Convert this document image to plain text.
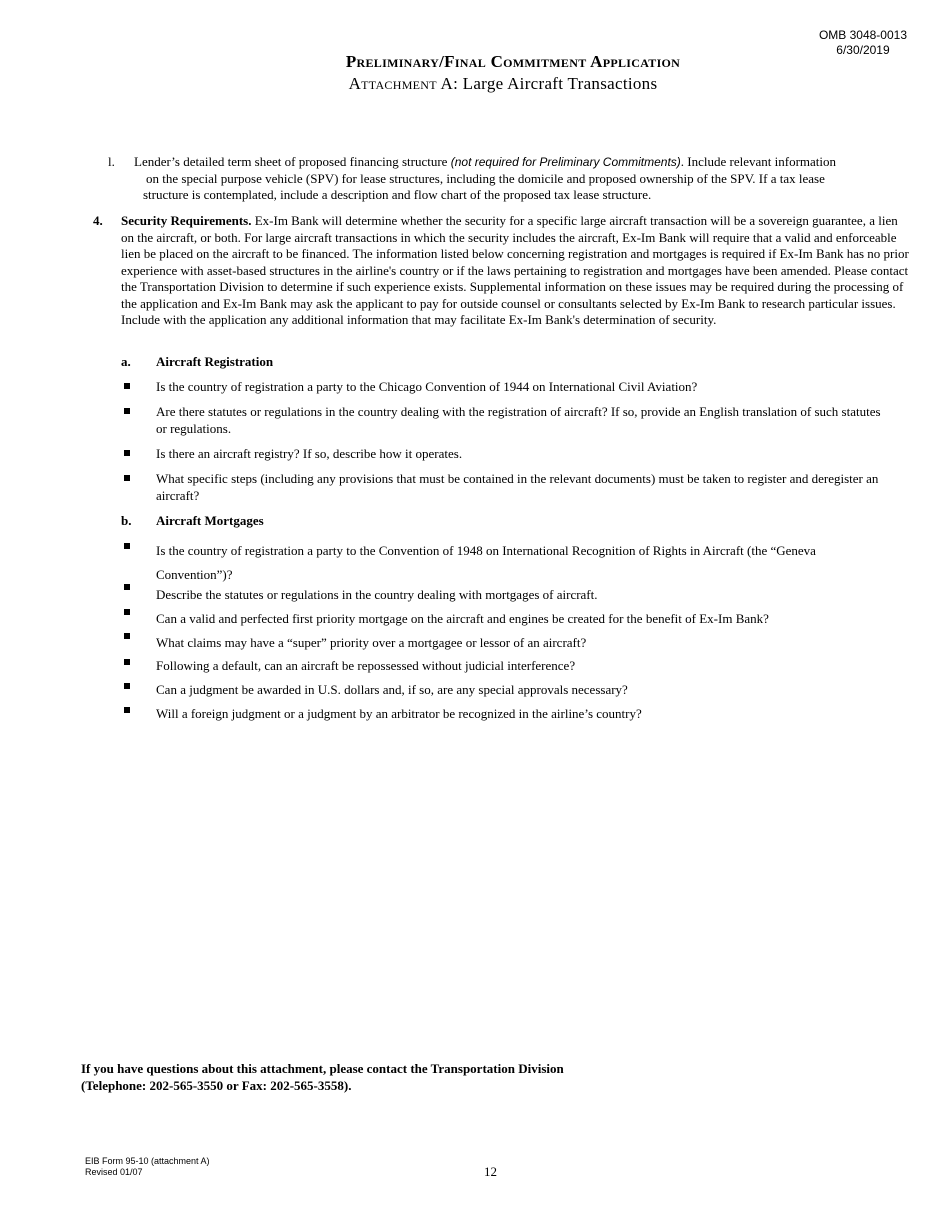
OMB 3048-0013
6/30/2019
Preliminary/Final Commitment Application
Attachment A: Large Aircraft Transactions
l. Lender’s detailed term sheet of proposed financing structure (not required for Preliminary Commitments). Include relevant information
on the special purpose vehicle (SPV) for lease structures, including the domicile and proposed ownership of the SPV. If a tax lease
structure is contemplated, include a description and flow chart of the proposed tax lease structure.
4. Security Requirements. Ex-Im Bank will determine whether the security for a specific large aircraft transaction will be a sovereign guarantee, a lien on the aircraft, or both. For large aircraft transactions in which the security includes the aircraft, Ex-Im Bank will require that a valid and enforceable lien be placed on the aircraft to be financed. The information listed below concerning registration and mortgages is required if Ex-Im Bank has no prior experience with asset-based structures in the airline's country or if the laws pertaining to registration and mortgages have been amended. Please contact the Transportation Division to determine if such experience exists. Supplemental information on these issues may be required during the processing of the application and Ex-Im Bank may ask the applicant to pay for outside counsel or consultants selected by Ex-Im Bank to research particular issues. Include with the application any additional information that may facilitate Ex-Im Bank's determination of security.
a. Aircraft Registration
Is the country of registration a party to the Chicago Convention of 1944 on International Civil Aviation?
Are there statutes or regulations in the country dealing with the registration of aircraft? If so, provide an English translation of such statutes or regulations.
Is there an aircraft registry? If so, describe how it operates.
What specific steps (including any provisions that must be contained in the relevant documents) must be taken to register and deregister an aircraft?
b. Aircraft Mortgages
Is the country of registration a party to the Convention of 1948 on International Recognition of Rights in Aircraft (the “Geneva Convention”)?
Describe the statutes or regulations in the country dealing with mortgages of aircraft.
Can a valid and perfected first priority mortgage on the aircraft and engines be created for the benefit of Ex-Im Bank?
What claims may have a “super” priority over a mortgagee or lessor of an aircraft?
Following a default, can an aircraft be repossessed without judicial interference?
Can a judgment be awarded in U.S. dollars and, if so, are any special approvals necessary?
Will a foreign judgment or a judgment by an arbitrator be recognized in the airline’s country?
If you have questions about this attachment, please contact the Transportation Division
(Telephone: 202-565-3550 or Fax: 202-565-3558).
EIB Form 95-10 (attachment A)
Revised 01/07	12
